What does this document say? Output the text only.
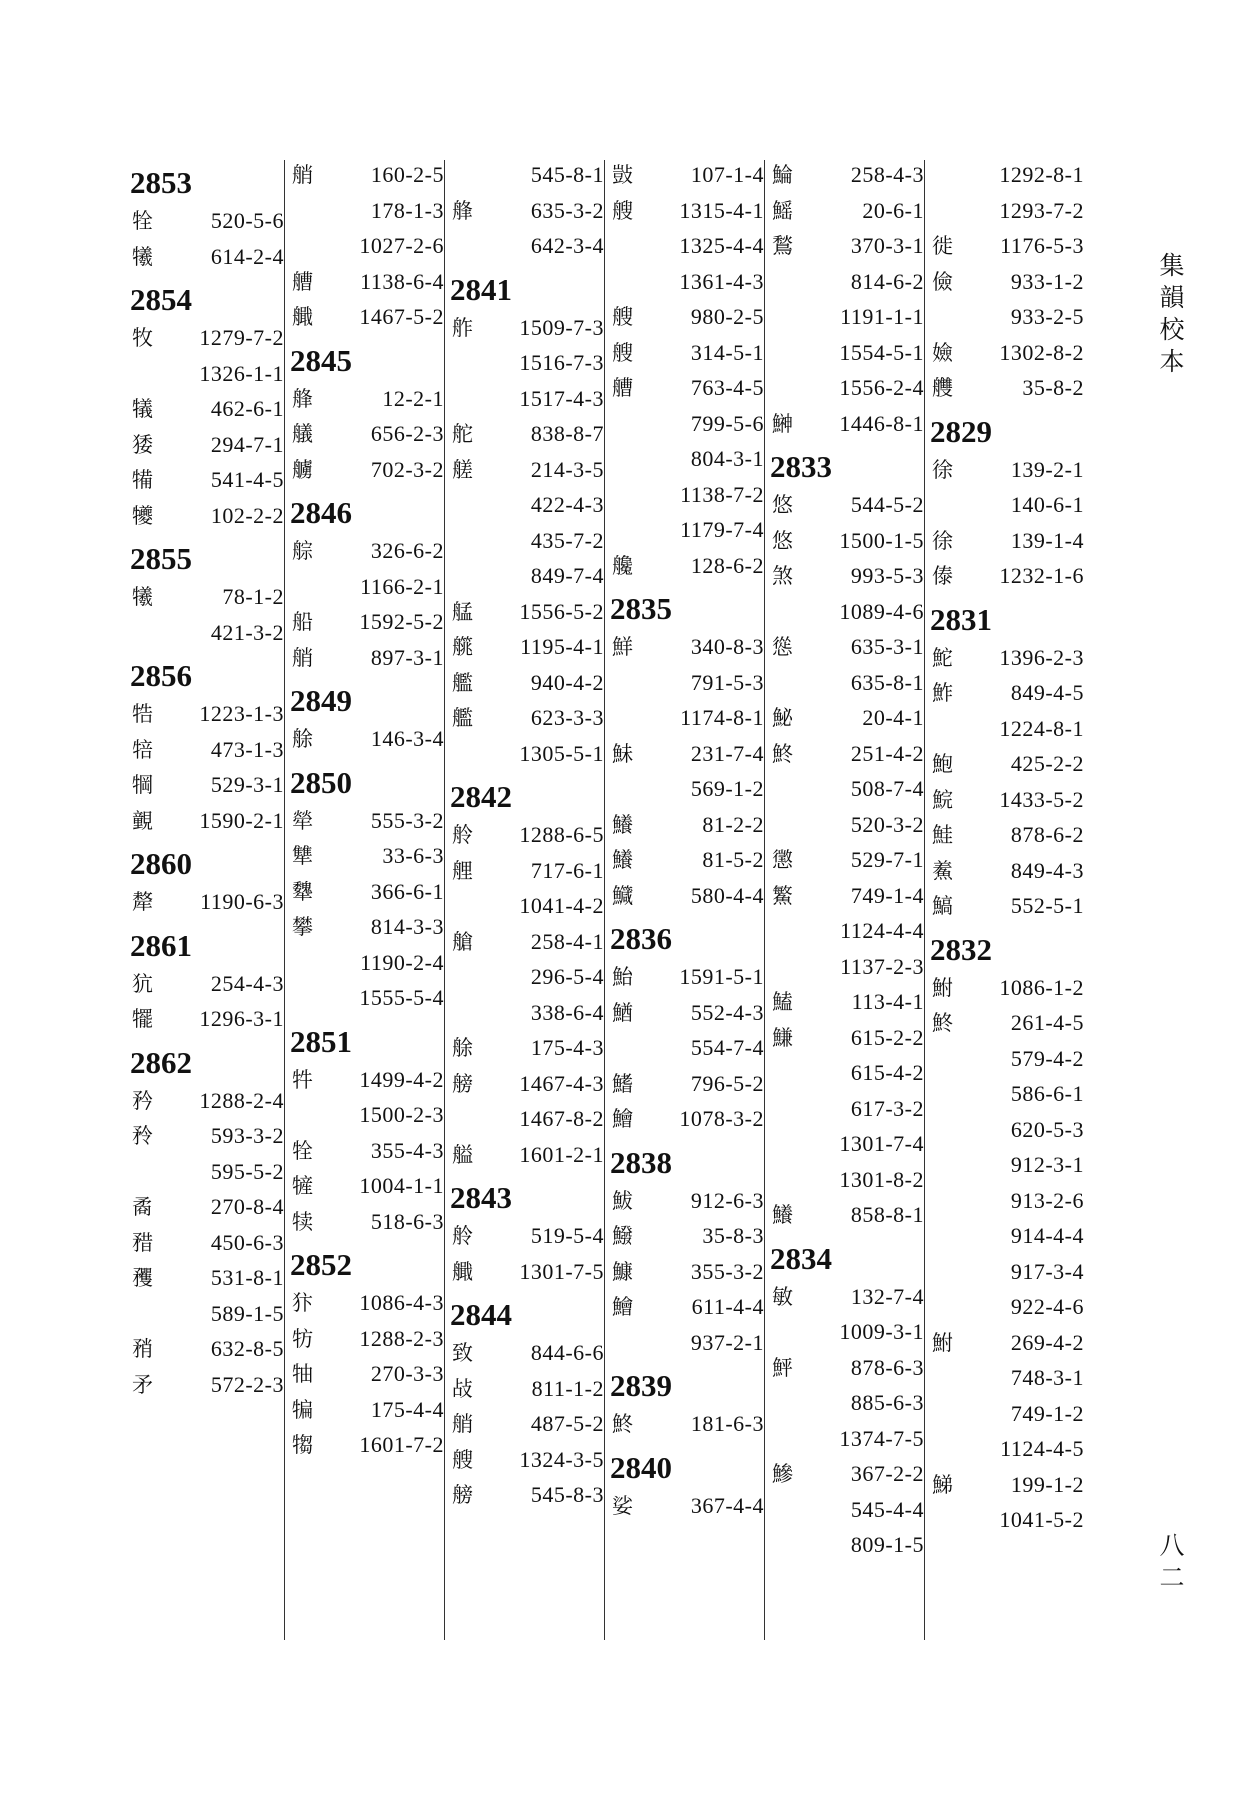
2853
牷	520-5-6
犧	614-2-4
2854
牧 1279-7-2
1326-1-1
犠	462-6-1
㹻	294-7-1
犕	541-4-5
犪	102-2-2
2855
犧	78-1-2
421-3-2
2856
牿 1223-1-3
犃	473-1-3
犅	529-3-1
䚒 1590-2-1
2860
犛 1190-6-3
2861
犺	254-4-3
犤 1296-3-1
2862
矜 1288-2-4
矝	593-3-2
595-5-2
矞	270-8-4
矠	450-6-3
矡	531-8-1
589-1-5
矟	632-8-5
矛	572-2-3
艄	160-2-5
178-1-3
1027-2-6
艚 1138-6-4
艥 1467-5-2
2845
艂	12-2-1
艤	656-2-3
艣	702-3-2
2846
䑸	326-6-2
1166-2-1
船 1592-5-2
艄	897-3-1
2849
艅	146-3-4
2850
犖	555-3-2
犨	33-6-3
犩	366-6-1
攀	814-3-3
1190-2-4
1555-5-4
2851
牪 1499-4-2
1500-2-3
牷	355-4-3
㹌 1004-1-1
犊	518-6-3
2852
犿 1086-4-3
牥 1288-2-3
牰	270-3-3
犏	175-4-4
犓 1601-7-2
545-8-1
艂	635-3-2
642-3-4
2841
舴 1509-7-3
1516-7-3
1517-4-3
舵	838-8-7
艖	214-3-5
422-4-3
435-7-2
849-7-4
艋 1556-5-2
艞 1195-4-1
艦	940-4-2
艦	623-3-3
1305-5-1
2842
舲 1288-6-5
艃	717-6-1
1041-4-2
艙	258-4-1
296-5-4
338-6-4
艅	175-4-3
艕 1467-4-3
1467-8-2
艗 1601-2-1
2843
舲	519-5-4
艥 1301-7-5
2844
致	844-6-6
敁	811-1-2
艄	487-5-2
艘 1324-3-5
艕	545-8-3
敱	107-1-4
艘 1315-4-1
1325-4-4
1361-4-3
艘	980-2-5
艘	314-5-1
艚	763-4-5
799-5-6
804-3-1
1138-7-2
1179-7-4
艬	128-6-2
2835
鮮	340-8-3
791-5-3
1174-8-1
鮇	231-7-4
569-1-2
鱶	81-2-2
鱶	81-5-2
鱵	580-4-4
2836
鮐 1591-5-1
鰌	552-4-3
554-7-4
鰭	796-5-2
鱠 1078-3-2
2838
鮁	912-6-3
鱍	35-8-3
鱇	355-3-2
鱠	611-4-4
937-2-1
2839
鮗	181-6-3
2840
娑	367-4-4
鯩	258-4-3
鰩	20-6-1
鶖	370-3-1
814-6-2
1191-1-1
1554-5-1
1556-2-4
鰰 1446-8-1
2833
悠	544-5-2
悠 1500-1-5
煞	993-5-3
1089-4-6
慫	635-3-1
635-8-1
鮅	20-4-1
鮗	251-4-2
508-7-4
520-3-2
懲	529-7-1
鰵	749-1-4
1124-4-4
1137-2-3
鰪	113-4-1
鰜	615-2-2
615-4-2
617-3-2
1301-7-4
1301-8-2
鱶	858-8-1
2834
敏	132-7-4
1009-3-1
鮃	878-6-3
885-6-3
1374-7-5
鰺	367-2-2
545-4-4
809-1-5
1292-8-1
1293-7-2
徙 1176-5-3
儉	933-1-2
933-2-5
嬐 1302-8-2
艭	35-8-2
2829
徐	139-2-1
140-6-1
徐	139-1-4
傣 1232-1-6
2831
鮀 1396-2-3
鮓	849-4-5
1224-8-1
鮑	425-2-2
鯇 1433-5-2
鮭	878-6-2
鮺	849-4-3
鰝	552-5-1
2832
鮒 1086-1-2
鮗	261-4-5
579-4-2
586-6-1
620-5-3
912-3-1
913-2-6
914-4-4
917-3-4
922-4-6
鮒	269-4-2
748-3-1
749-1-2
1124-4-5
鮷	199-1-2
1041-5-2
集
韻
校
本
八
二
